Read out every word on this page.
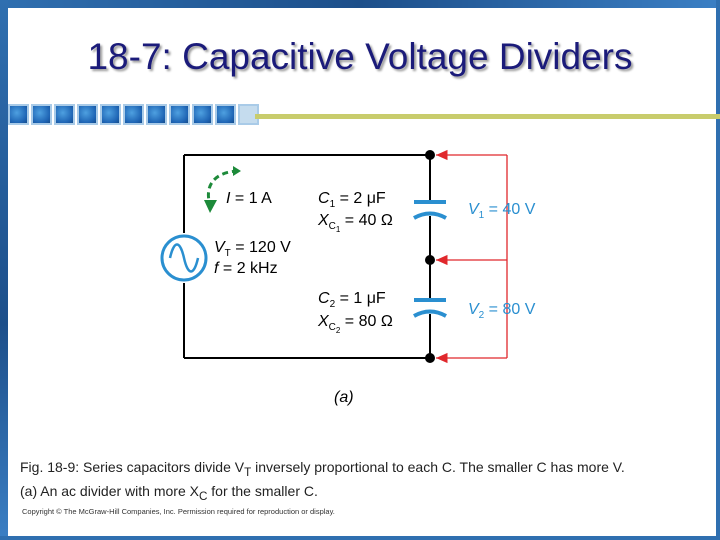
18-7: Capacitive Voltage Dividers
I = 1 A
$V_T = 120$ V
f = 2 kHz
$C_1 = 2$ μF
$X_C1 = 40$ Ω
$C_2 = 1$ μF
$X_C2 = 80$ Ω
$V_1 = 40$ V
$V_2 = 80$ V
(a)
Fig. 18-9: Series capacitors divide $V_T$ inversely proportional to each C. The smaller C has more V.
(a) An ac divider with more $X_C$ for the smaller C.
Copyright © The McGraw-Hill Companies, Inc. Permission required for reproduction or display.
